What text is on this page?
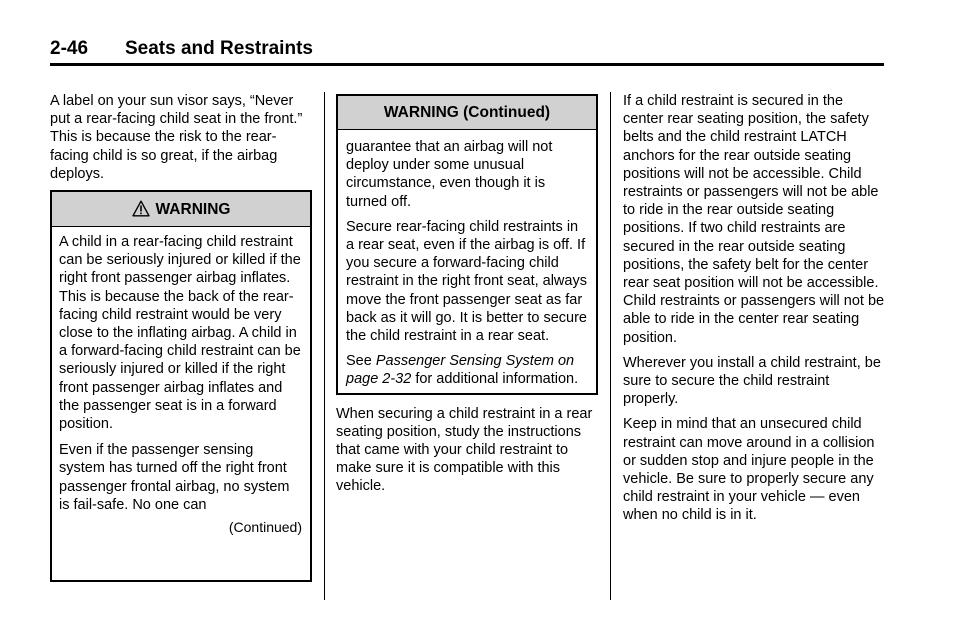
2-46 Seats and Restraints

A label on your sun visor says, “Never put a rear-facing child seat in the front.” This is because the risk to the rear-facing child is so great, if the airbag deploys.

WARNING

A child in a rear-facing child restraint can be seriously injured or killed if the right front passenger airbag inflates. This is because the back of the rear-facing child restraint would be very close to the inflating airbag. A child in a forward-facing child restraint can be seriously injured or killed if the right front passenger airbag inflates and the passenger seat is in a forward position.

Even if the passenger sensing system has turned off the right front passenger frontal airbag, no system is fail-safe. No one can

(Continued)
WARNING (Continued)

guarantee that an airbag will not deploy under some unusual circumstance, even though it is turned off.

Secure rear-facing child restraints in a rear seat, even if the airbag is off. If you secure a forward-facing child restraint in the right front seat, always move the front passenger seat as far back as it will go. It is better to secure the child restraint in a rear seat.

See Passenger Sensing System on page 2-32 for additional information.

When securing a child restraint in a rear seating position, study the instructions that came with your child restraint to make sure it is compatible with this vehicle.

If a child restraint is secured in the center rear seating position, the safety belts and the child restraint LATCH anchors for the rear outside seating positions will not be accessible. Child restraints or passengers will not be able to ride in the rear outside seating positions. If two child restraints are secured in the rear outside seating positions, the safety belt for the center rear seat position will not be accessible. Child restraints or passengers will not be able to ride in the center rear seating position.

Wherever you install a child restraint, be sure to secure the child restraint properly.

Keep in mind that an unsecured child restraint can move around in a collision or sudden stop and injure people in the vehicle. Be sure to properly secure any child restraint in your vehicle — even when no child is in it.
